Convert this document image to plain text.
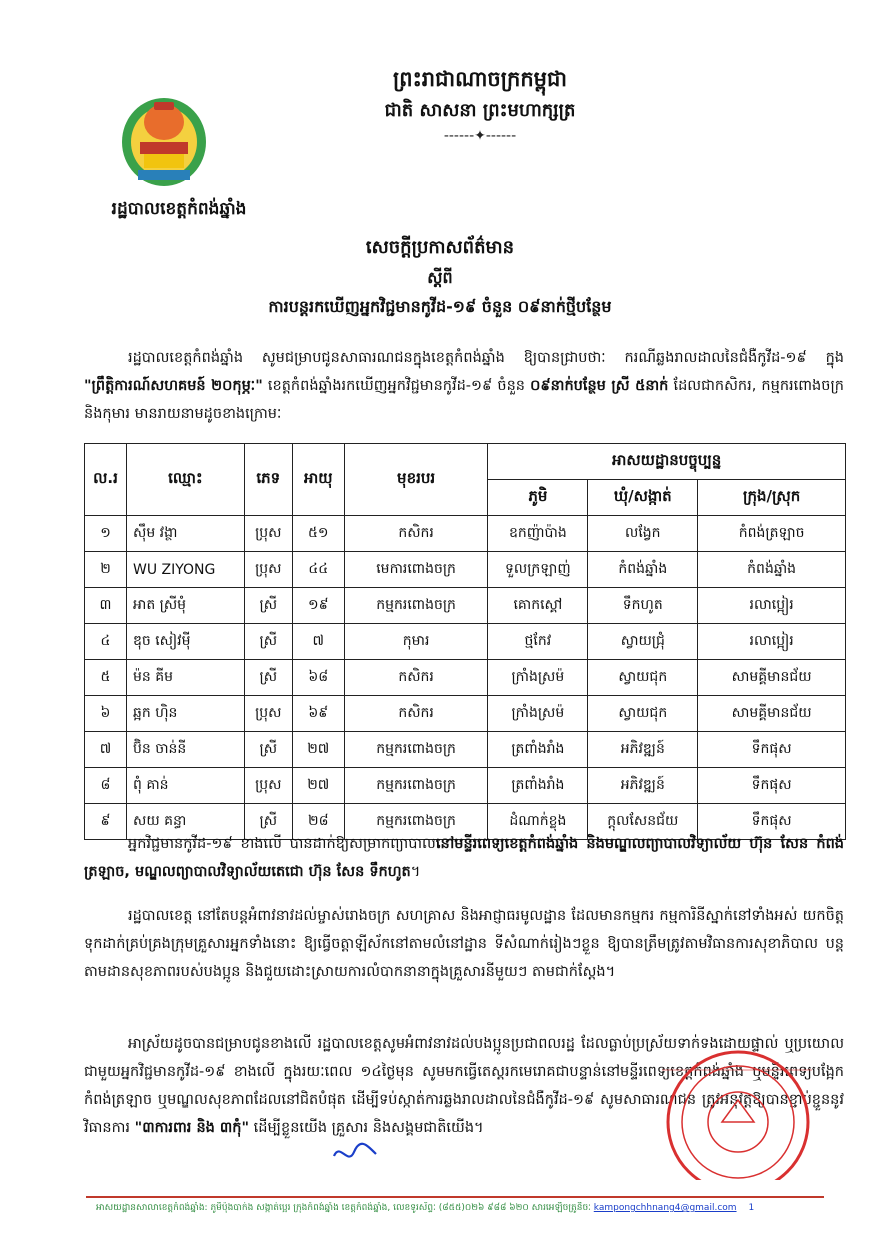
រដ្ឋបាលខេត្តកំពង់ឆ្នាំង
ព្រះរាជាណាចក្រកម្ពុជា
ជាតិ សាសនា ព្រះមហាក្សត្រ
------✦------
សេចក្តីប្រកាសព័ត៌មាន
ស្តីពី
ការបន្តរកឃើញអ្នកវិជ្ជមានកូវីដ-១៩ ចំនួន ០៩នាក់ថ្មីបន្ថែម
រដ្ឋបាលខេត្តកំពង់ឆ្នាំង សូមជម្រាបជូនសាធារណជនក្នុងខេត្តកំពង់ឆ្នាំង ឱ្យបានជ្រាបថាៈ ករណីឆ្លងរាលដាលនៃជំងឺកូវីដ-១៩ ក្នុង "ព្រឹត្តិការណ៍សហគមន៍ ២០កុម្ភៈ" ខេត្តកំពង់ឆ្នាំងរកឃើញអ្នកវិជ្ជមានកូវីដ-១៩ ចំនួន ០៩នាក់បន្ថែម ស្រី ៥នាក់ ដែលជាកសិករ, កម្មករពោងចក្រ និងកុមារ មានរាយនាមដូចខាងក្រោមៈ
ល.រ	ឈ្មោះ	ភេទ	អាយុ	មុខរបរ	អាសយដ្ឋានបច្ចុប្បន្ន		
					ភូមិ	ឃុំ/សង្កាត់	ក្រុង/ស្រុក
១	ស៊ឹម វង្ថា	ប្រុស	៥១	កសិករ	ឧកញ៉ាប៉ាង	លង្វែក	កំពង់ត្រឡាច
២	WU ZIYONG	ប្រុស	៤៤	មេការពោងចក្រ	ទួលក្រឡាញ់	កំពង់ឆ្នាំង	កំពង់ឆ្នាំង
៣	អាត ស្រីមុំ	ស្រី	១៩	កម្មករពោងចក្រ	គោកស្គៅ	ទឹកហូត	រលាប្អៀរ
៤	ឌុច សៀវម៉ី	ស្រី	៧	កុមារ	ថ្មកែវ	ស្វាយជ្រុំ	រលាប្អៀរ
៥	ម៉ន គីម	ស្រី	៦៨	កសិករ	ក្រាំងស្រម៉	ស្វាយជុក	សាមគ្គីមានជ័យ
៦	ឆ្អក ហ៊ិន	ប្រុស	៦៩	កសិករ	ក្រាំងស្រម៉	ស្វាយជុក	សាមគ្គីមានជ័យ
៧	ប៊ិន ចាន់នី	ស្រី	២៧	កម្មករពោងចក្រ	ត្រពាំងរាំង	អភិវឌ្ឍន៍	ទឹកផុស
៨	ពុំ គាន់	ប្រុស	២៧	កម្មករពោងចក្រ	ត្រពាំងរាំង	អភិវឌ្ឍន៍	ទឹកផុស
៩	សយ គន្ធា	ស្រី	២៨	កម្មករពោងចក្រ	ដំណាក់ខ្លុង	ក្តុលសែនជ័យ	ទឹកផុស
អ្នកវិជ្ជមានកូវីដ-១៩ ខាងលើ បានដាក់ឱ្យសម្រាកព្យាបាលនៅមន្ទីរពេទ្យខេត្តកំពង់ឆ្នាំង និងមណ្ឌលព្យាបាលវិទ្យាល័យ ហ៊ុន សែន កំពង់ត្រឡាច, មណ្ឌលព្យាបាលវិទ្យាល័យតេជោ ហ៊ុន សែន ទឹកហូត។
រដ្ឋបាលខេត្ត នៅតែបន្តអំពាវនាវដល់ម្ចាស់រោងចក្រ សហគ្រាស និងអាជ្ញាធរមូលដ្ឋាន ដែលមានកម្មករ កម្មការិនីស្នាក់នៅទាំងអស់ យកចិត្តទុកដាក់គ្រប់គ្រងក្រុមគ្រួសារអ្នកទាំងនោះ ឱ្យធ្វើចត្តាឡីស័កនៅតាមលំនៅដ្ឋាន ទីសំណាក់រៀងៗខ្លួន ឱ្យបានត្រឹមត្រូវតាមវិធានការសុខាភិបាល បន្តតាមដានសុខភាពរបស់បងប្អូន និងជួយដោះស្រាយការលំបាកនានាក្នុងគ្រួសារនីមួយៗ តាមជាក់ស្តែង។
អាស្រ័យដូចបានជម្រាបជូនខាងលើ រដ្ឋបាលខេត្តសូមអំពាវនាវដល់បងប្អូនប្រជាពលរដ្ឋ ដែលធ្លាប់ប្រស្រ័យទាក់ទងដោយផ្ទាល់ ឬប្រយោលជាមួយអ្នកវិជ្ជមានកូវីដ-១៩ ខាងលើ ក្នុងរយៈពេល ១៤ថ្ងៃមុន សូមមកធ្វើតេស្តរកមេរោគជាបន្ទាន់នៅមន្ទីរពេទ្យខេត្តកំពង់ឆ្នាំង ឬមន្ទីរពេទ្យបង្អែកកំពង់ត្រឡាច ឬមណ្ឌលសុខភាពដែលនៅជិតបំផុត ដើម្បីទប់ស្កាត់ការឆ្លងរាលដាលនៃជំងឺកូវីដ-១៩ សូមសាធារណជន ត្រូវអនុវត្តឱ្យបានខ្ជាប់ខ្ជួននូវវិធានការ "៣ការពារ និង ៣កុំ" ដើម្បីខ្លួនយើង គ្រួសារ និងសង្គមជាតិយើង។
អាសយដ្ឋានសាលាខេត្តកំពង់ឆ្នាំង: ភូមិប៉ុងបាក់ង ​សង្កាត់ប្អេរ ក្រុងកំពង់ឆ្នាំង ខេត្តកំពង់ឆ្នាំង, លេខទូរស័ព្ទៈ (៨៥៥)០២៦ ៩៨៨ ៦២០ សារអេឡិចត្រូនិចៈ kampongchhnang4@gmail.com 1
